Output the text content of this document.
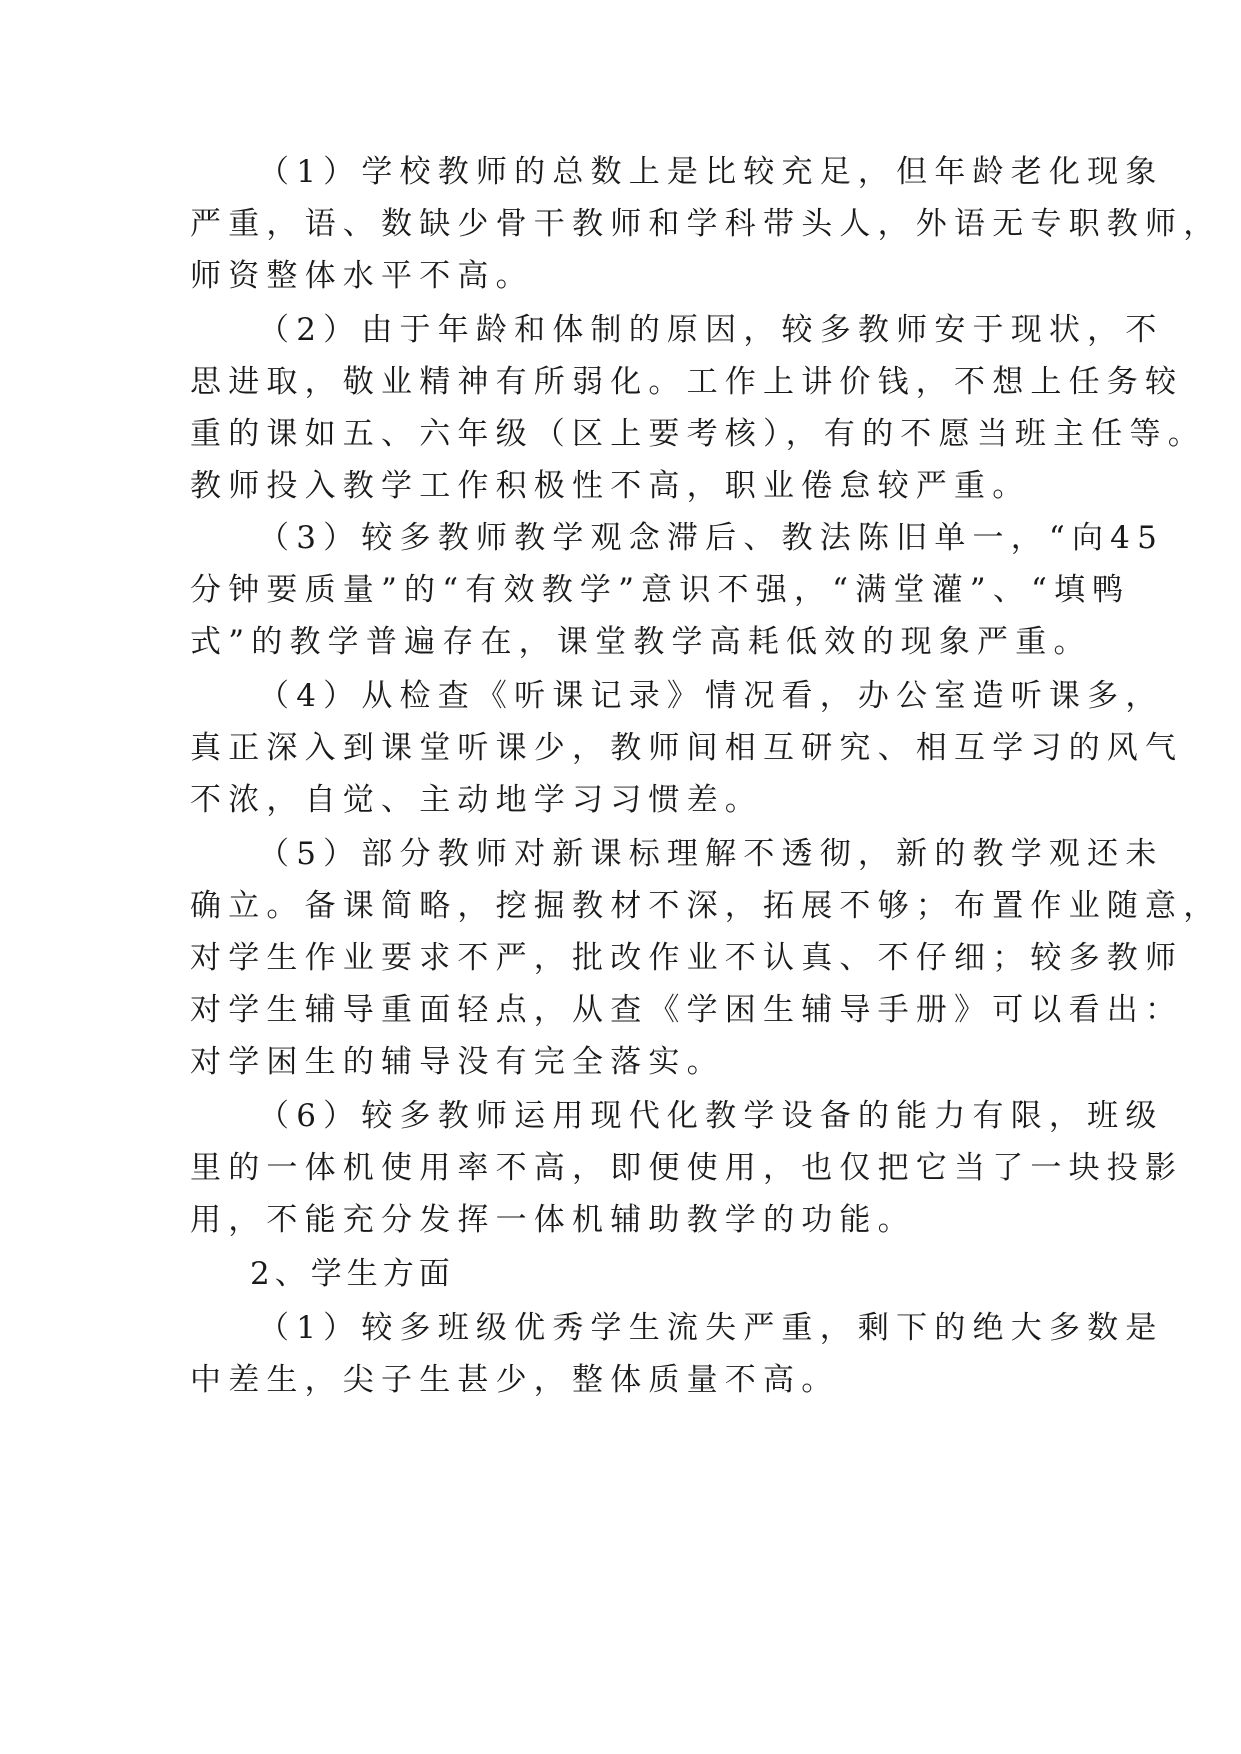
（1）学校教师的总数上是比较充足，但年龄老化现象
严重，语、数缺少骨干教师和学科带头人，外语无专职教师，
师资整体水平不高。
（2）由于年龄和体制的原因，较多教师安于现状，不
思进取，敬业精神有所弱化。工作上讲价钱，不想上任务较
重的课如五、六年级（区上要考核），有的不愿当班主任等。
教师投入教学工作积极性不高，职业倦怠较严重。
（3）较多教师教学观念滞后、教法陈旧单一，“向45
分钟要质量”的“有效教学”意识不强，“满堂灌”、“填鸭
式”的教学普遍存在，课堂教学高耗低效的现象严重。
（4）从检查《听课记录》情况看，办公室造听课多，
真正深入到课堂听课少，教师间相互研究、相互学习的风气
不浓，自觉、主动地学习习惯差。
（5）部分教师对新课标理解不透彻，新的教学观还未
确立。备课简略，挖掘教材不深，拓展不够；布置作业随意，
对学生作业要求不严，批改作业不认真、不仔细；较多教师
对学生辅导重面轻点，从查《学困生辅导手册》可以看出：
对学困生的辅导没有完全落实。
（6）较多教师运用现代化教学设备的能力有限，班级
里的一体机使用率不高，即便使用，也仅把它当了一块投影
用，不能充分发挥一体机辅助教学的功能。
2、学生方面
（1）较多班级优秀学生流失严重，剩下的绝大多数是
中差生，尖子生甚少，整体质量不高。
